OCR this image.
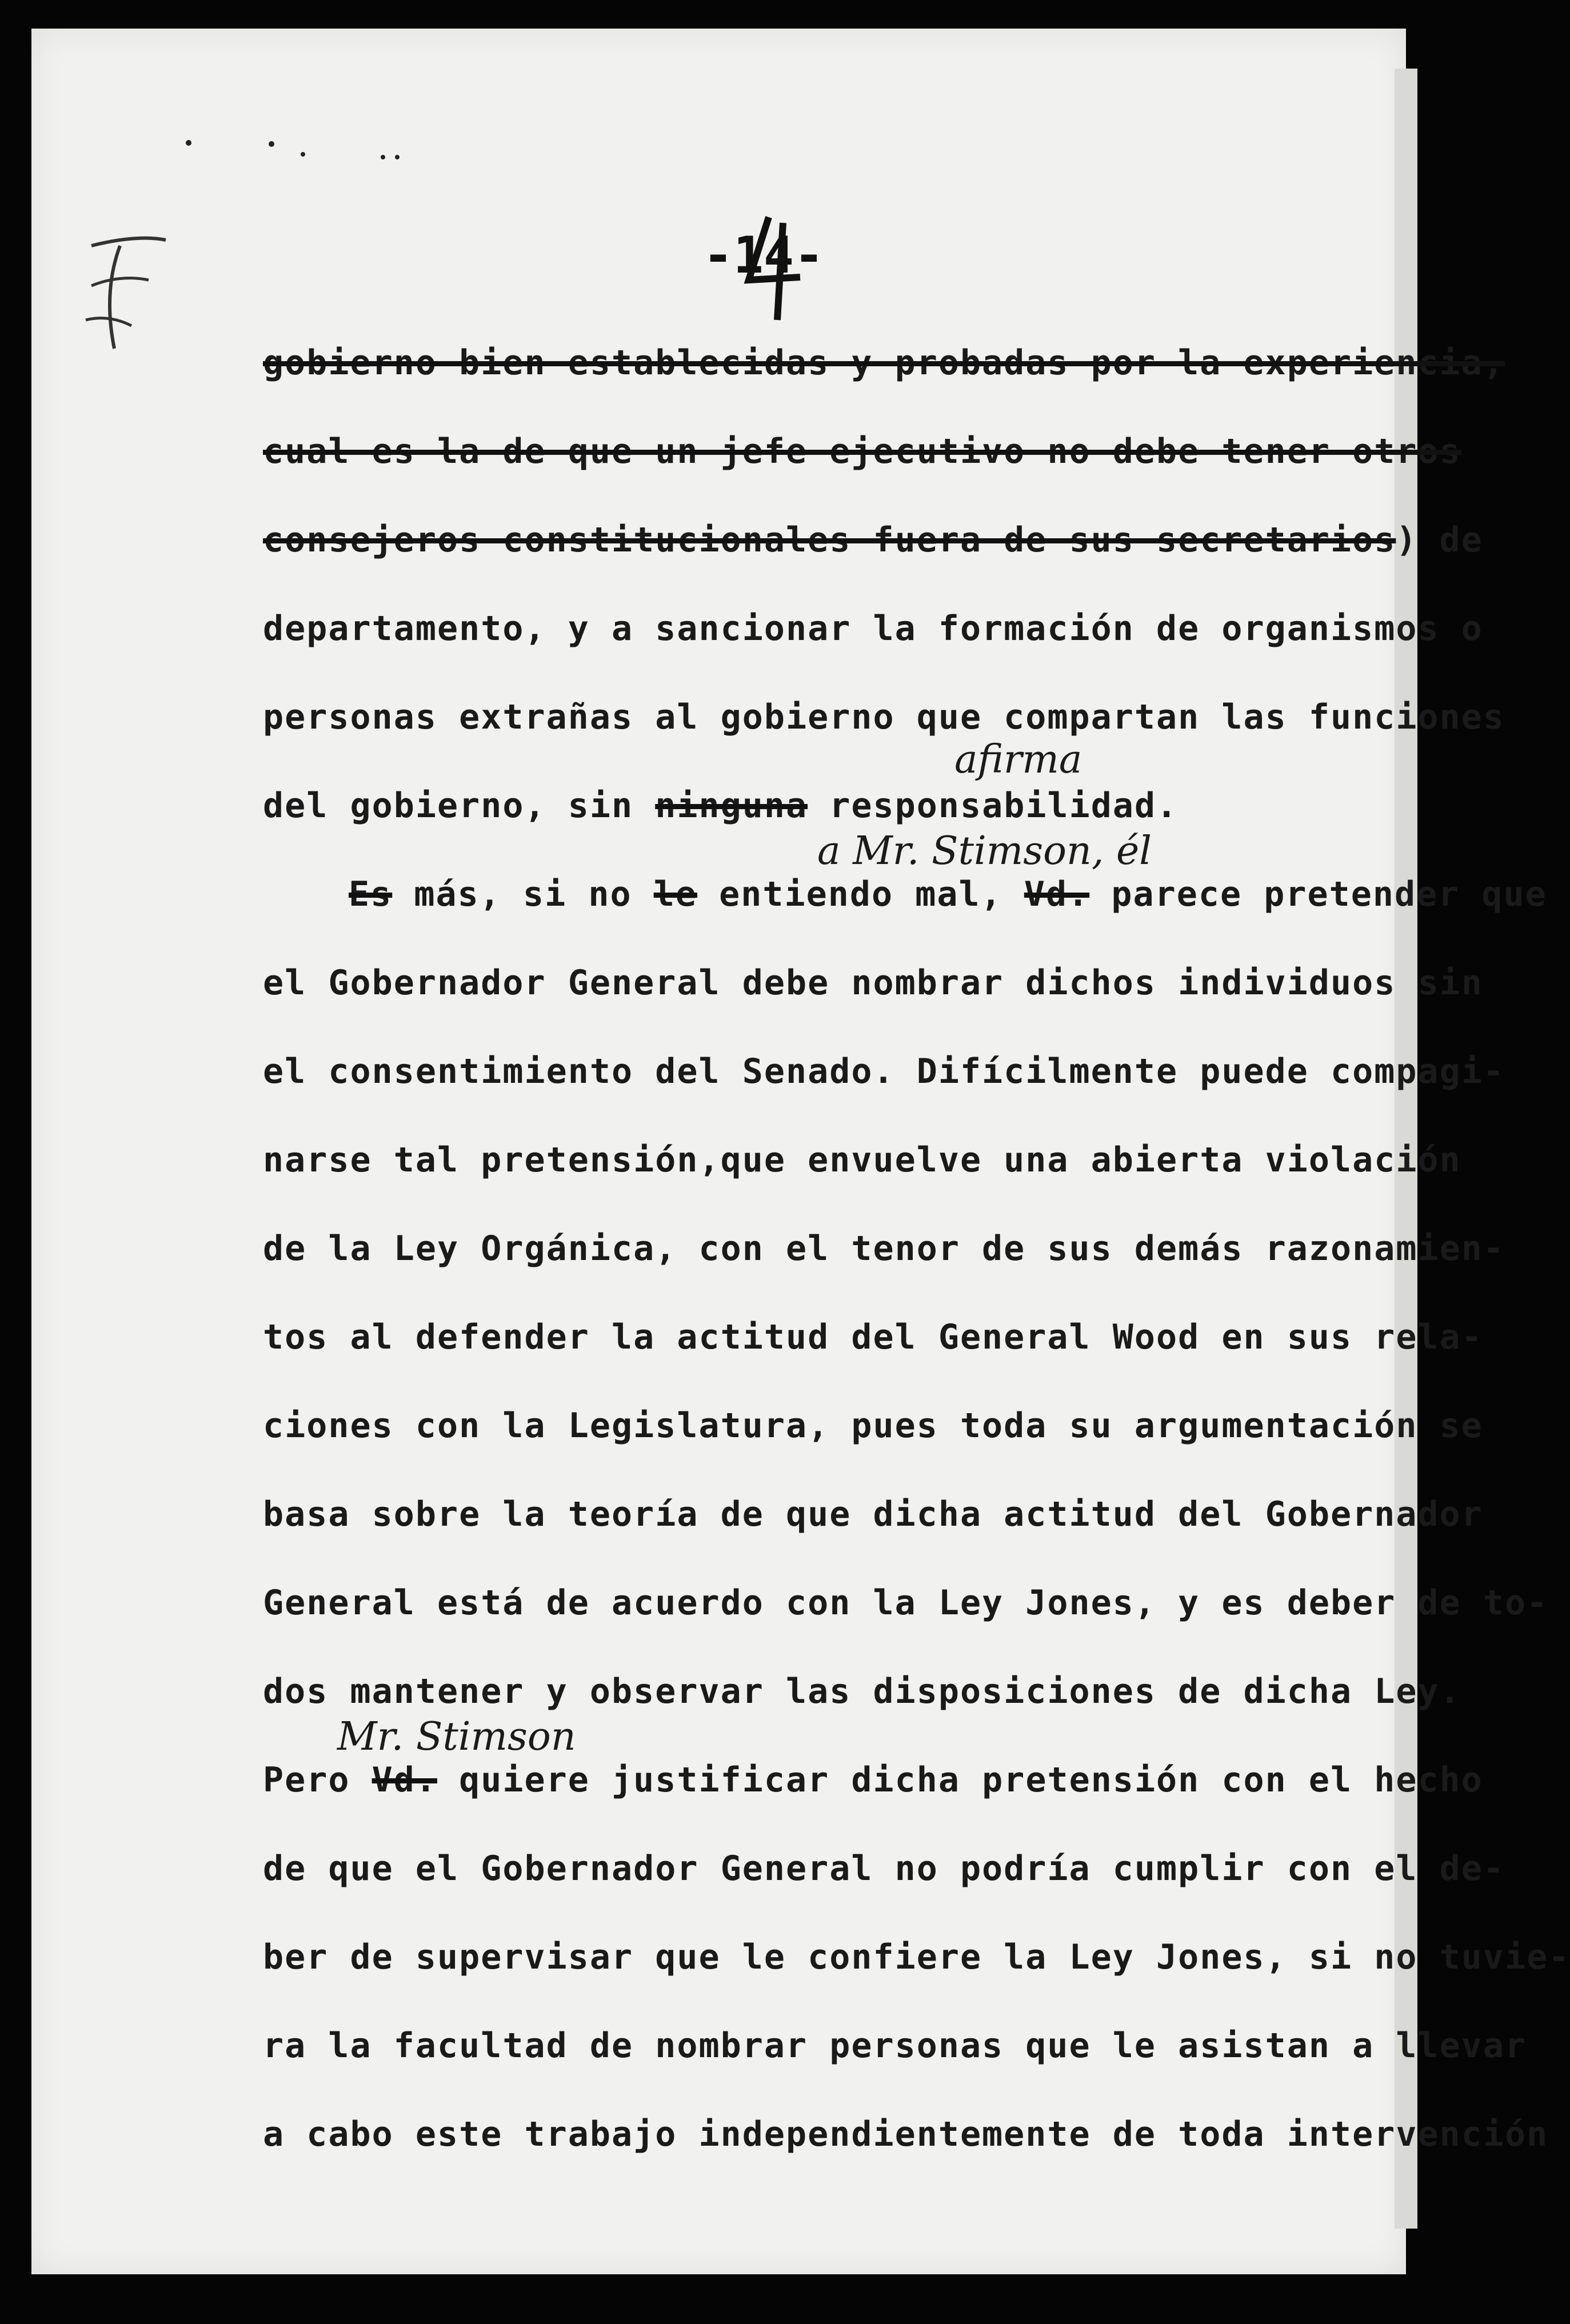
-14-
gobierno bien establecidas y probadas por la experiencia,
cual es la de que un jefe ejecutivo no debe tener otros
consejeros constitucionales fuera de sus secretarios) de
departamento, y a sancionar la formación de organismos o
personas extrañas al gobierno que compartan las funciones
del gobierno, sin ninguna responsabilidad.
afirma
a Mr. Stimson, él
Es más, si no le entiendo mal, Vd. parece pretender que
el Gobernador General debe nombrar dichos individuos sin
el consentimiento del Senado. Difícilmente puede compagi-
narse tal pretensión,que envuelve una abierta violación
de la Ley Orgánica, con el tenor de sus demás razonamien-
tos al defender la actitud del General Wood en sus rela-
ciones con la Legislatura, pues toda su argumentación se
basa sobre la teoría de que dicha actitud del Gobernador
General está de acuerdo con la Ley Jones, y es deber de to-
dos mantener y observar las disposiciones de dicha Ley.
Mr. Stimson
Pero Vd. quiere justificar dicha pretensión con el hecho
de que el Gobernador General no podría cumplir con el de-
ber de supervisar que le confiere la Ley Jones, si no tuvie-
ra la facultad de nombrar personas que le asistan a llevar
a cabo este trabajo independientemente de toda intervención
